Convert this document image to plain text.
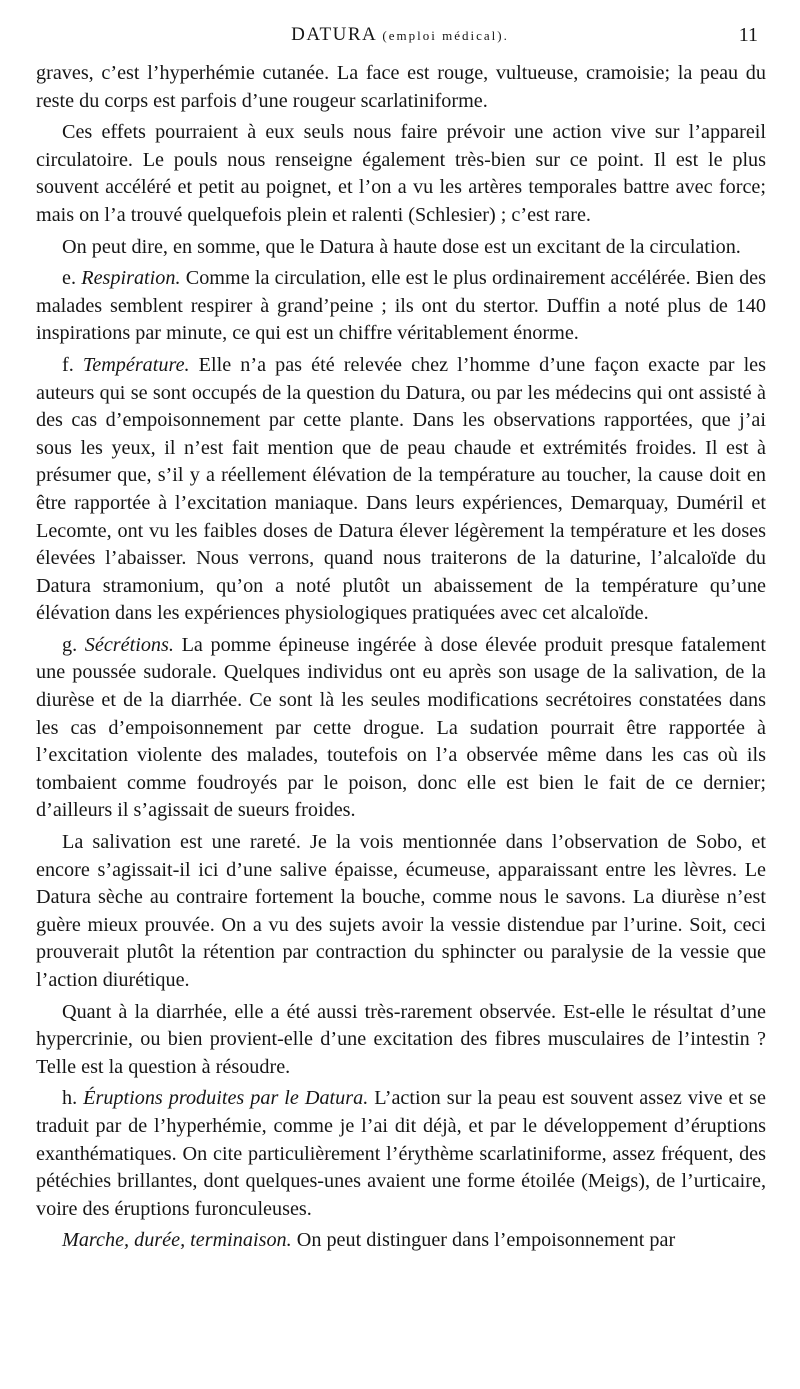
DATURA (emploi médical).	11

graves, c’est l’hyperhémie cutanée. La face est rouge, vultueuse, cramoisie; la peau du reste du corps est parfois d’une rougeur scarlatiniforme.

Ces effets pourraient à eux seuls nous faire prévoir une action vive sur l’appareil circulatoire. Le pouls nous renseigne également très-bien sur ce point. Il est le plus souvent accéléré et petit au poignet, et l’on a vu les artères temporales battre avec force; mais on l’a trouvé quelquefois plein et ralenti (Schlesier) ; c’est rare.

On peut dire, en somme, que le Datura à haute dose est un excitant de la circulation.

e. Respiration. Comme la circulation, elle est le plus ordinairement accélérée. Bien des malades semblent respirer à grand’peine ; ils ont du stertor. Duffin a noté plus de 140 inspirations par minute, ce qui est un chiffre véritablement énorme.

f. Température. Elle n’a pas été relevée chez l’homme d’une façon exacte par les auteurs qui se sont occupés de la question du Datura, ou par les médecins qui ont assisté à des cas d’empoisonnement par cette plante. Dans les observations rapportées, que j’ai sous les yeux, il n’est fait mention que de peau chaude et extrémités froides. Il est à présumer que, s’il y a réellement élévation de la température au toucher, la cause doit en être rapportée à l’excitation maniaque. Dans leurs expériences, Demarquay, Duméril et Lecomte, ont vu les faibles doses de Datura élever légèrement la température et les doses élevées l’abaisser. Nous verrons, quand nous traiterons de la daturine, l’alcaloïde du Datura stramonium, qu’on a noté plutôt un abaissement de la température qu’une élévation dans les expériences physiologiques pratiquées avec cet alcaloïde.

g. Sécrétions. La pomme épineuse ingérée à dose élevée produit presque fatalement une poussée sudorale. Quelques individus ont eu après son usage de la salivation, de la diurèse et de la diarrhée. Ce sont là les seules modifications secrétoires constatées dans les cas d’empoisonnement par cette drogue. La sudation pourrait être rapportée à l’excitation violente des malades, toutefois on l’a observée même dans les cas où ils tombaient comme foudroyés par le poison, donc elle est bien le fait de ce dernier; d’ailleurs il s’agissait de sueurs froides.

La salivation est une rareté. Je la vois mentionnée dans l’observation de Sobo, et encore s’agissait-il ici d’une salive épaisse, écumeuse, apparaissant entre les lèvres. Le Datura sèche au contraire fortement la bouche, comme nous le savons. La diurèse n’est guère mieux prouvée. On a vu des sujets avoir la vessie distendue par l’urine. Soit, ceci prouverait plutôt la rétention par contraction du sphincter ou paralysie de la vessie que l’action diurétique.

Quant à la diarrhée, elle a été aussi très-rarement observée. Est-elle le résultat d’une hypercrinie, ou bien provient-elle d’une excitation des fibres musculaires de l’intestin ? Telle est la question à résoudre.

h. Éruptions produites par le Datura. L’action sur la peau est souvent assez vive et se traduit par de l’hyperhémie, comme je l’ai dit déjà, et par le développement d’éruptions exanthématiques. On cite particulièrement l’érythème scarlatiniforme, assez fréquent, des pétéchies brillantes, dont quelques-unes avaient une forme étoilée (Meigs), de l’urticaire, voire des éruptions furonculeuses.

Marche, durée, terminaison. On peut distinguer dans l’empoisonnement par
